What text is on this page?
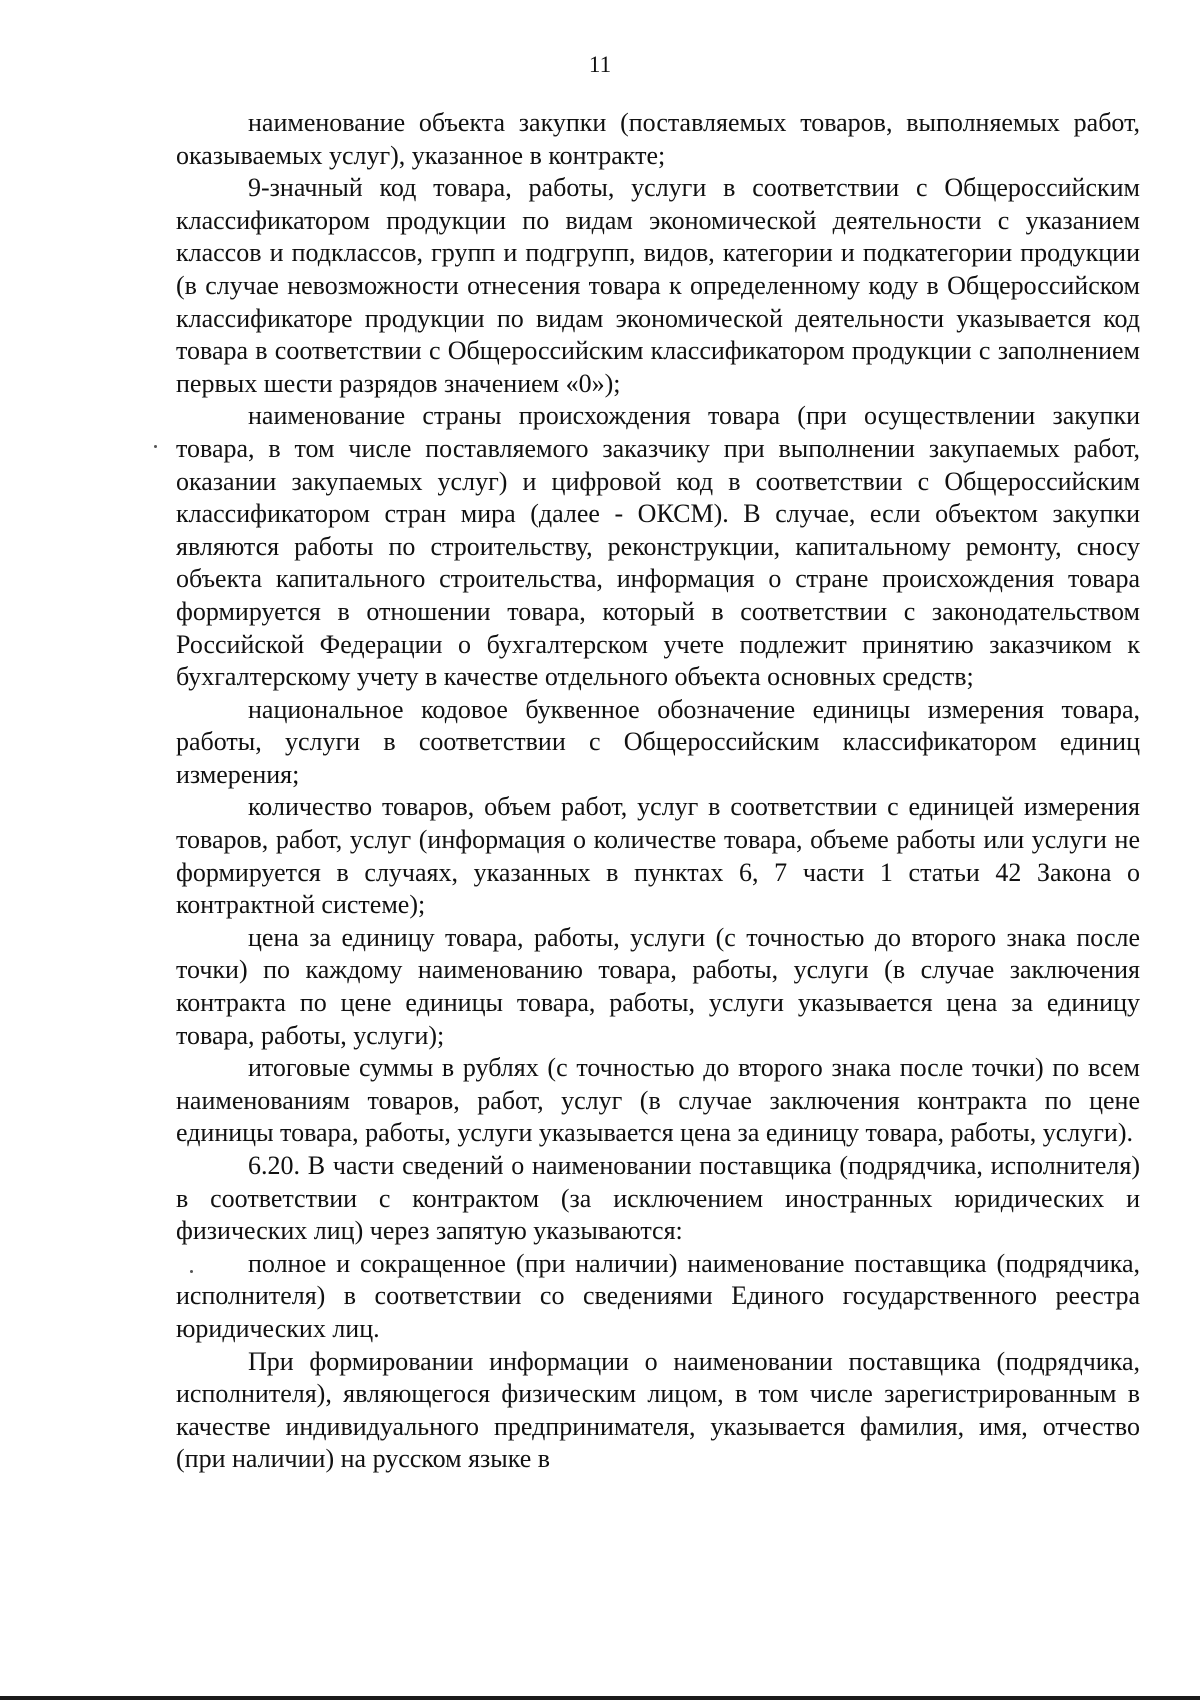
11

наименование объекта закупки (поставляемых товаров, выполняемых работ, оказываемых услуг), указанное в контракте;

9-значный код товара, работы, услуги в соответствии с Общероссийским классификатором продукции по видам экономической деятельности с указанием классов и подклассов, групп и подгрупп, видов, категории и подкатегории продукции (в случае невозможности отнесения товара к определенному коду в Общероссийском классификаторе продукции по видам экономической деятельности указывается код товара в соответствии с Общероссийским классификатором продукции с заполнением первых шести разрядов значением «0»);

наименование страны происхождения товара (при осуществлении закупки товара, в том числе поставляемого заказчику при выполнении закупаемых работ, оказании закупаемых услуг) и цифровой код в соответствии с Общероссийским классификатором стран мира (далее - ОКСМ). В случае, если объектом закупки являются работы по строительству, реконструкции, капитальному ремонту, сносу объекта капитального строительства, информация о стране происхождения товара формируется в отношении товара, который в соответствии с законодательством Российской Федерации о бухгалтерском учете подлежит принятию заказчиком к бухгалтерскому учету в качестве отдельного объекта основных средств;

национальное кодовое буквенное обозначение единицы измерения товара, работы, услуги в соответствии с Общероссийским классификатором единиц измерения;

количество товаров, объем работ, услуг в соответствии с единицей измерения товаров, работ, услуг (информация о количестве товара, объеме работы или услуги не формируется в случаях, указанных в пунктах 6, 7 части 1 статьи 42 Закона о контрактной системе);

цена за единицу товара, работы, услуги (с точностью до второго знака после точки) по каждому наименованию товара, работы, услуги (в случае заключения контракта по цене единицы товара, работы, услуги указывается цена за единицу товара, работы, услуги);

итоговые суммы в рублях (с точностью до второго знака после точки) по всем наименованиям товаров, работ, услуг (в случае заключения контракта по цене единицы товара, работы, услуги указывается цена за единицу товара, работы, услуги).

6.20. В части сведений о наименовании поставщика (подрядчика, исполнителя) в соответствии с контрактом (за исключением иностранных юридических и физических лиц) через запятую указываются:

полное и сокращенное (при наличии) наименование поставщика (подрядчика, исполнителя) в соответствии со сведениями Единого государственного реестра юридических лиц.

При формировании информации о наименовании поставщика (подрядчика, исполнителя), являющегося физическим лицом, в том числе зарегистрированным в качестве индивидуального предпринимателя, указывается фамилия, имя, отчество (при наличии) на русском языке в
